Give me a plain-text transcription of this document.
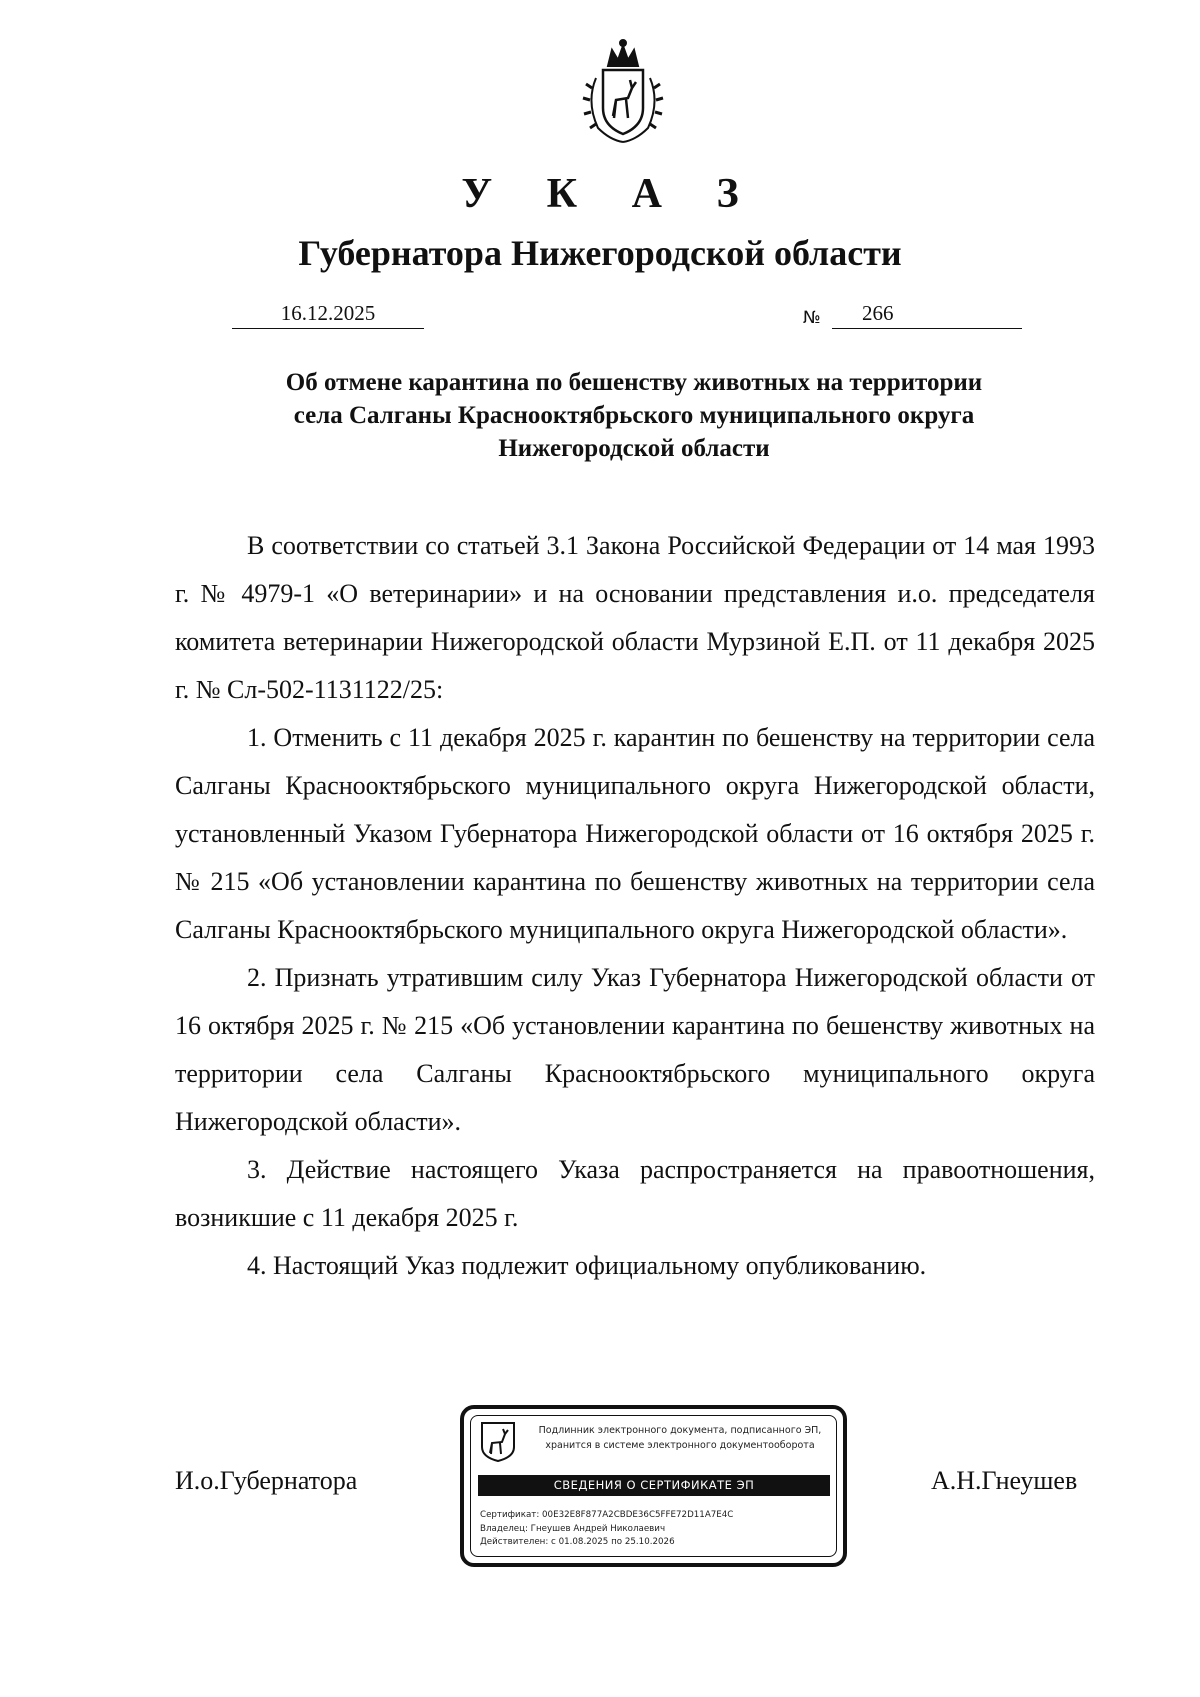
У К А З
Губернатора Нижегородской области
16.12.2025	№	266
Об отмене карантина по бешенству животных на территории
села Салганы Краснооктябрьского муниципального округа
Нижегородской области

В соответствии со статьей 3.1 Закона Российской Федерации от 14 мая 1993 г. № 4979-1 «О ветеринарии» и на основании представления и.о. председателя комитета ветеринарии Нижегородской области Мурзиной Е.П. от 11 декабря 2025 г. № Сл-502-1131122/25:

1. Отменить с 11 декабря 2025 г. карантин по бешенству на территории села Салганы Краснооктябрьского муниципального округа Нижегородской области, установленный Указом Губернатора Нижегородской области от 16 октября 2025 г. № 215 «Об установлении карантина по бешенству животных на территории села Салганы Краснооктябрьского муниципального округа Нижегородской области».

2. Признать утратившим силу Указ Губернатора Нижегородской области от 16 октября 2025 г. № 215 «Об установлении карантина по бешенству животных на территории села Салганы Краснооктябрьского муниципального округа Нижегородской области».

3. Действие настоящего Указа распространяется на правоотношения, возникшие с 11 декабря 2025 г.

4. Настоящий Указ подлежит официальному опубликованию.

И.о.Губернатора	А.Н.Гнеушев
Подлинник электронного документа, подписанного ЭП,
хранится в системе электронного документооборота
СВЕДЕНИЯ О СЕРТИФИКАТЕ ЭП
Сертификат: 00E32E8F877A2CBDE36C5FFE72D11A7E4C
Владелец: Гнеушев Андрей Николаевич
Действителен: с 01.08.2025 по 25.10.2026
